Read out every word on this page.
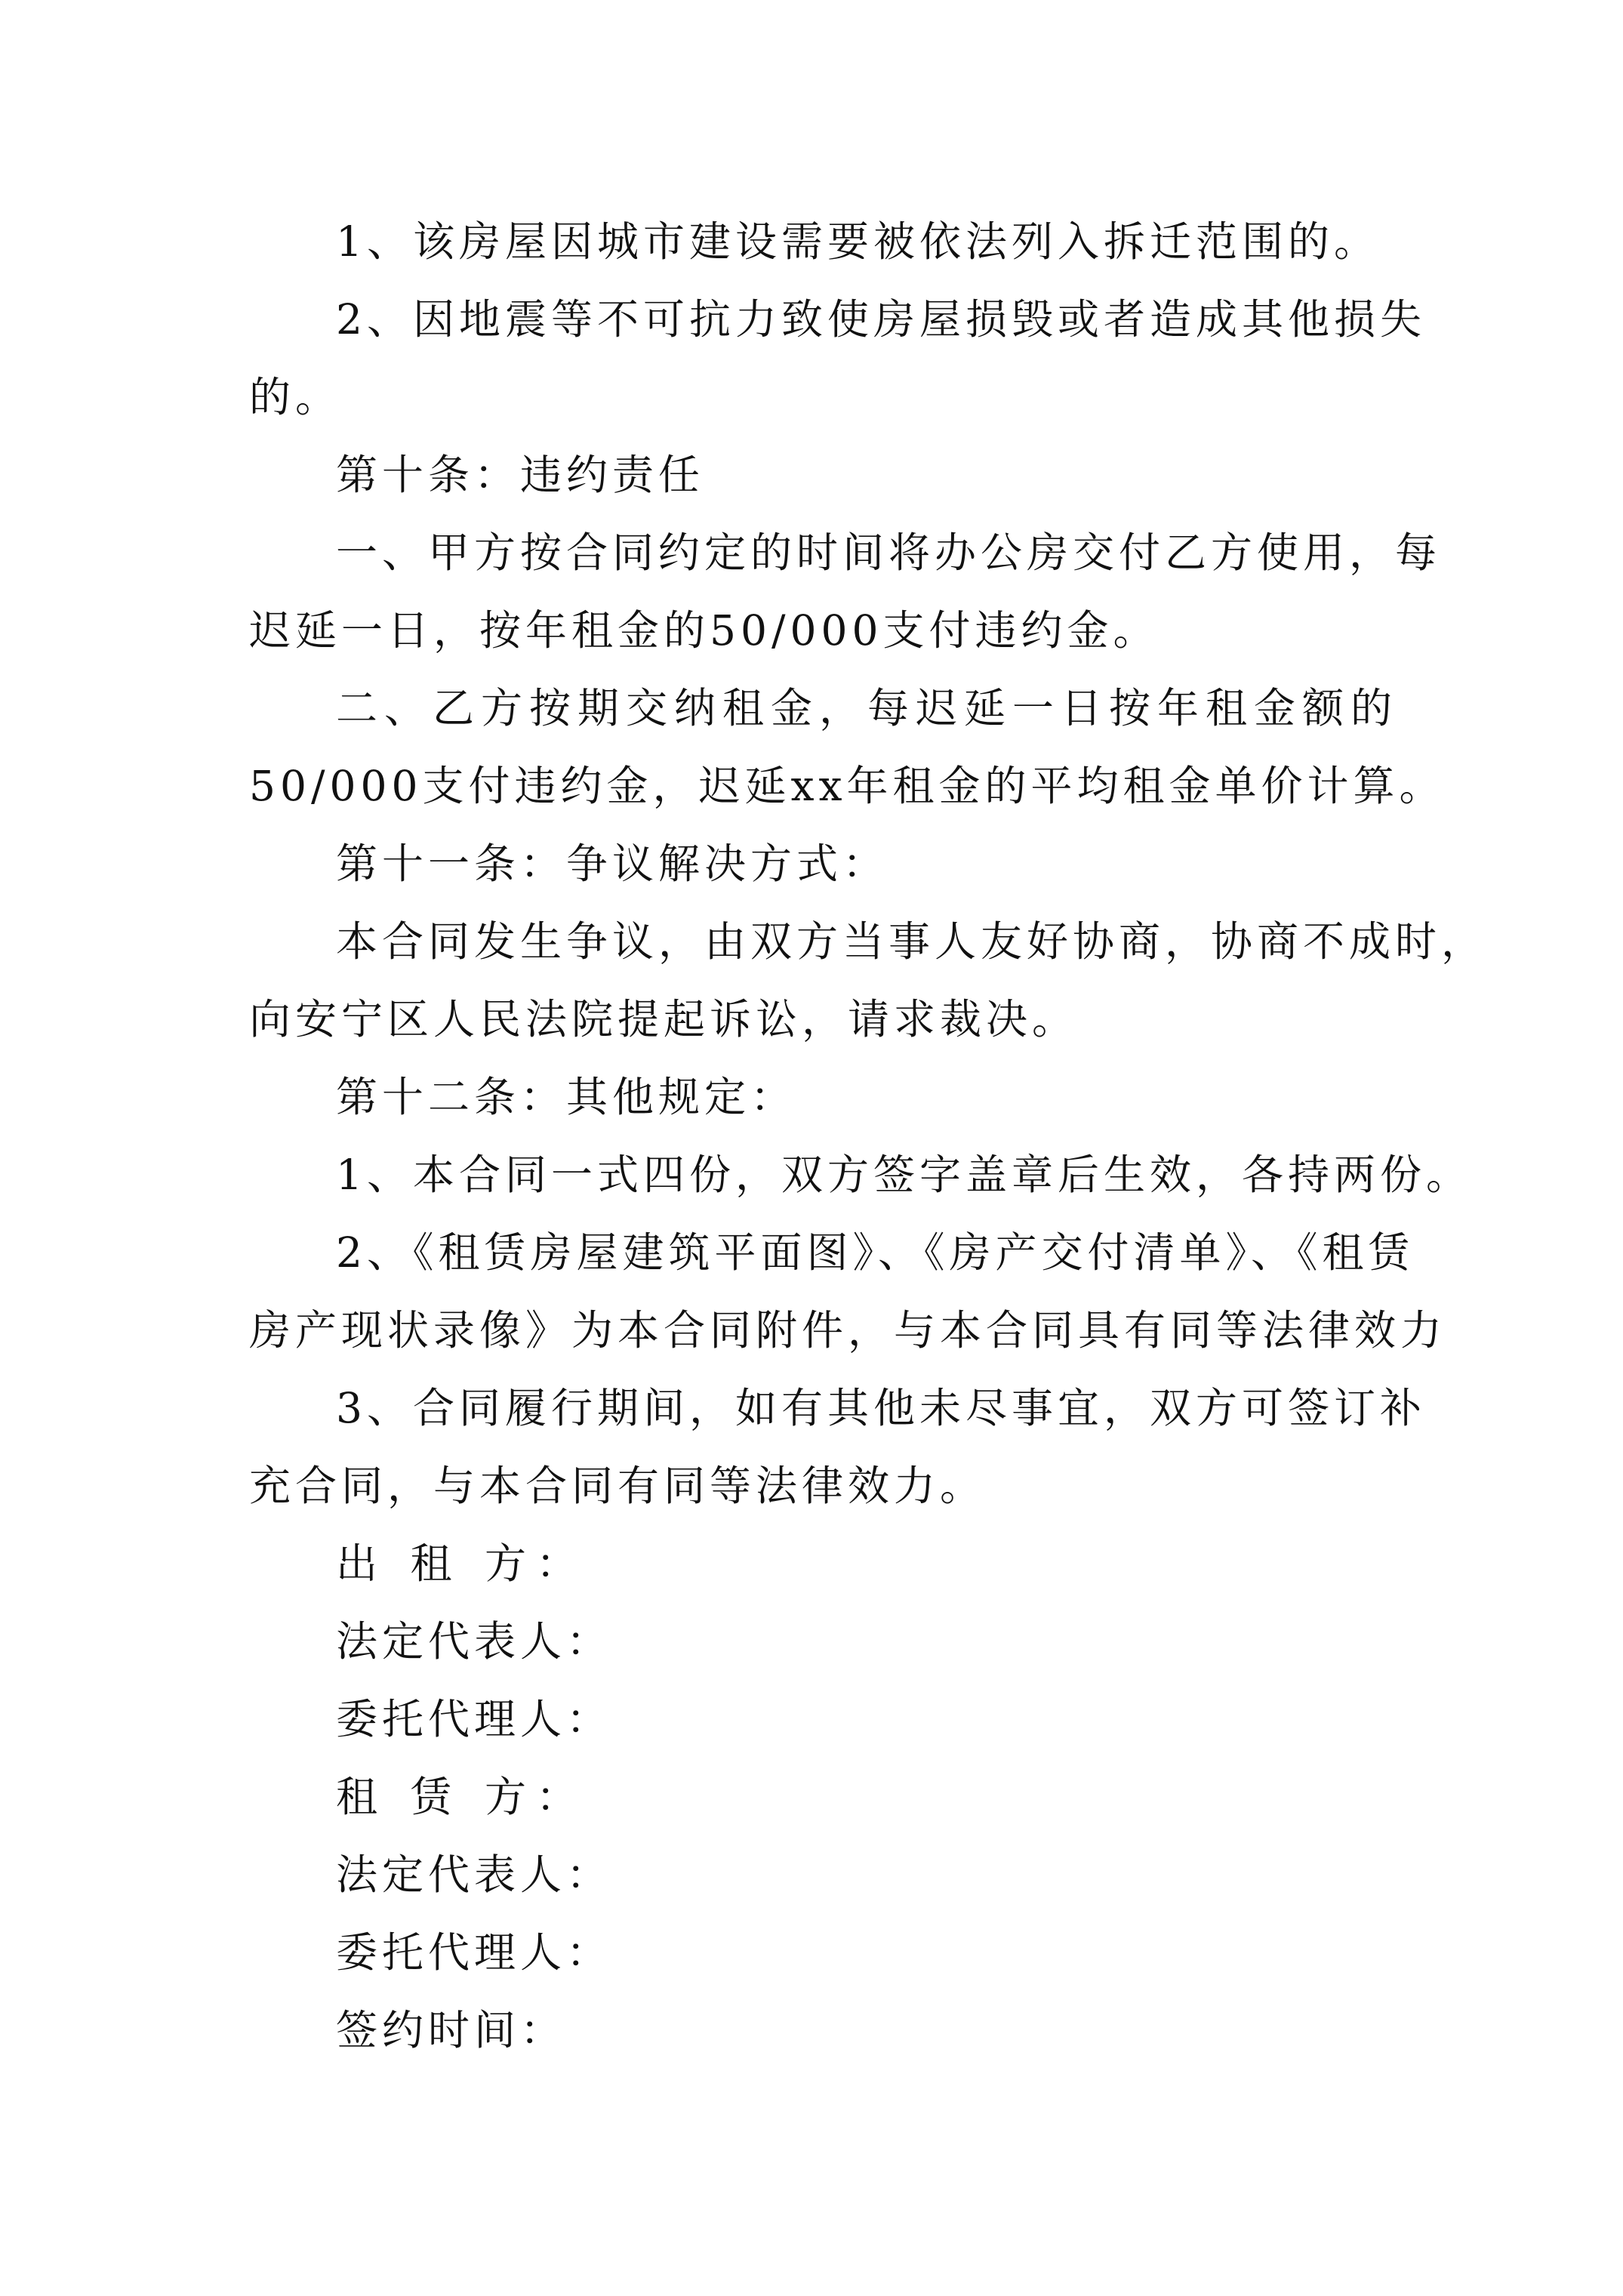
1、该房屋因城市建设需要被依法列入拆迁范围的。
2、因地震等不可抗力致使房屋损毁或者造成其他损失
的。
第十条：违约责任
一、甲方按合同约定的时间将办公房交付乙方使用，每
迟延一日，按年租金的50/000支付违约金。
二、乙方按期交纳租金，每迟延一日按年租金额的
50/000支付违约金，迟延xx年租金的平均租金单价计算。
第十一条：争议解决方式：
本合同发生争议，由双方当事人友好协商，协商不成时，
向安宁区人民法院提起诉讼，请求裁决。
第十二条：其他规定：
1、本合同一式四份，双方签字盖章后生效，各持两份。
2、《租赁房屋建筑平面图》、《房产交付清单》、《租赁
房产现状录像》为本合同附件，与本合同具有同等法律效力
3、合同履行期间，如有其他未尽事宜，双方可签订补
充合同，与本合同有同等法律效力。
出 租 方：
法定代表人：
委托代理人：
租 赁 方：
法定代表人：
委托代理人：
签约时间：
